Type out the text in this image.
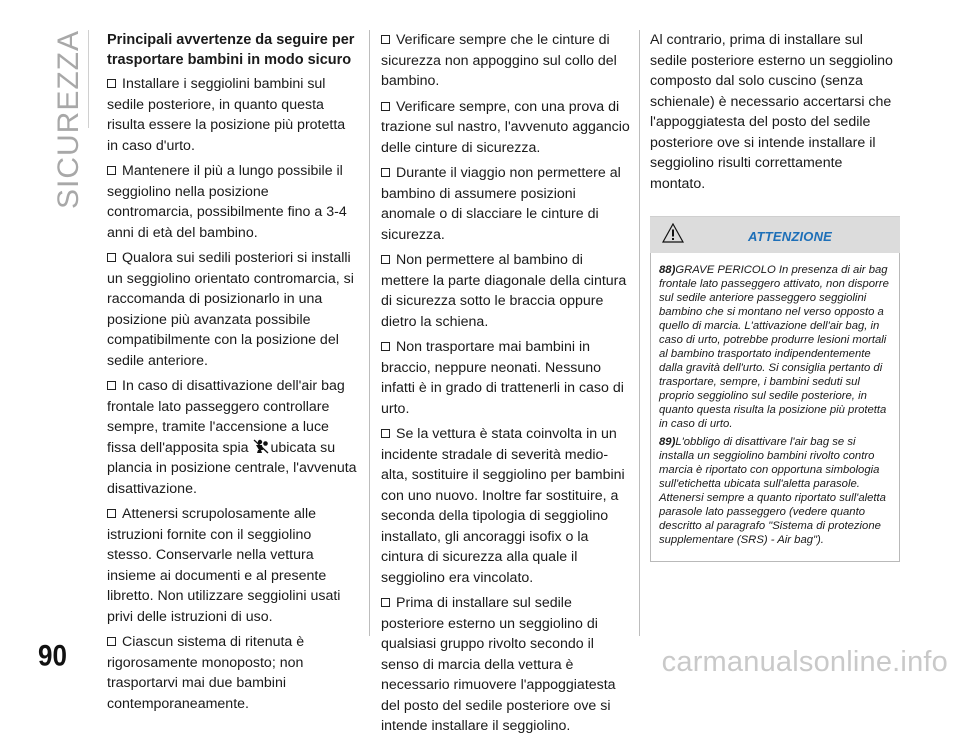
SICUREZZA Principali avvertenze da seguire per trasportare bambini in modo sicuro

Installare i seggiolini bambini sul sedile posteriore, in quanto questa risulta essere la posizione più protetta in caso d'urto.

Mantenere il più a lungo possibile il seggiolino nella posizione contromarcia, possibilmente fino a 3-4 anni di età del bambino.

Qualora sui sedili posteriori si installi un seggiolino orientato contromarcia, si raccomanda di posizionarlo in una posizione più avanzata possibile compatibilmente con la posizione del sedile anteriore.

In caso di disattivazione dell'air bag frontale lato passeggero controllare sempre, tramite l'accensione a luce fissa dell'apposita spia ubicata su plancia in posizione centrale, l'avvenuta disattivazione.

Attenersi scrupolosamente alle istruzioni fornite con il seggiolino stesso. Conservarle nella vettura insieme ai documenti e al presente libretto. Non utilizzare seggiolini usati privi delle istruzioni di uso.

Ciascun sistema di ritenuta è rigorosamente monoposto; non trasportarvi mai due bambini contemporaneamente.

Verificare sempre che le cinture di sicurezza non appoggino sul collo del bambino.

Verificare sempre, con una prova di trazione sul nastro, l'avvenuto aggancio delle cinture di sicurezza.

Durante il viaggio non permettere al bambino di assumere posizioni anomale o di slacciare le cinture di sicurezza.

Non permettere al bambino di mettere la parte diagonale della cintura di sicurezza sotto le braccia oppure dietro la schiena.

Non trasportare mai bambini in braccio, neppure neonati. Nessuno infatti è in grado di trattenerli in caso di urto.

Se la vettura è stata coinvolta in un incidente stradale di severità medio-alta, sostituire il seggiolino per bambini con uno nuovo. Inoltre far sostituire, a seconda della tipologia di seggiolino installato, gli ancoraggi isofix o la cintura di sicurezza alla quale il seggiolino era vincolato.

Prima di installare sul sedile posteriore esterno un seggiolino di qualsiasi gruppo rivolto secondo il senso di marcia della vettura è necessario rimuovere l'appoggiatesta del posto del sedile posteriore ove si intende installare il seggiolino.

Al contrario, prima di installare sul sedile posteriore esterno un seggiolino composto dal solo cuscino (senza schienale) è necessario accertarsi che l'appoggiatesta del posto del sedile posteriore ove si intende installare il seggiolino risulti correttamente montato.

ATTENZIONE

88)GRAVE PERICOLO In presenza di air bag frontale lato passeggero attivato, non disporre sul sedile anteriore passeggero seggiolini bambino che si montano nel verso opposto a quello di marcia. L'attivazione dell'air bag, in caso di urto, potrebbe produrre lesioni mortali al bambino trasportato indipendentemente dalla gravità dell'urto. Si consiglia pertanto di trasportare, sempre, i bambini seduti sul proprio seggiolino sul sedile posteriore, in quanto questa risulta la posizione più protetta in caso di urto.

89)L'obbligo di disattivare l'air bag se si installa un seggiolino bambini rivolto contro marcia è riportato con opportuna simbologia sull'etichetta ubicata sull'aletta parasole. Attenersi sempre a quanto riportato sull'aletta parasole lato passeggero (vedere quanto descritto al paragrafo "Sistema di protezione supplementare (SRS) - Air bag").

90	carmanualsonline.info
